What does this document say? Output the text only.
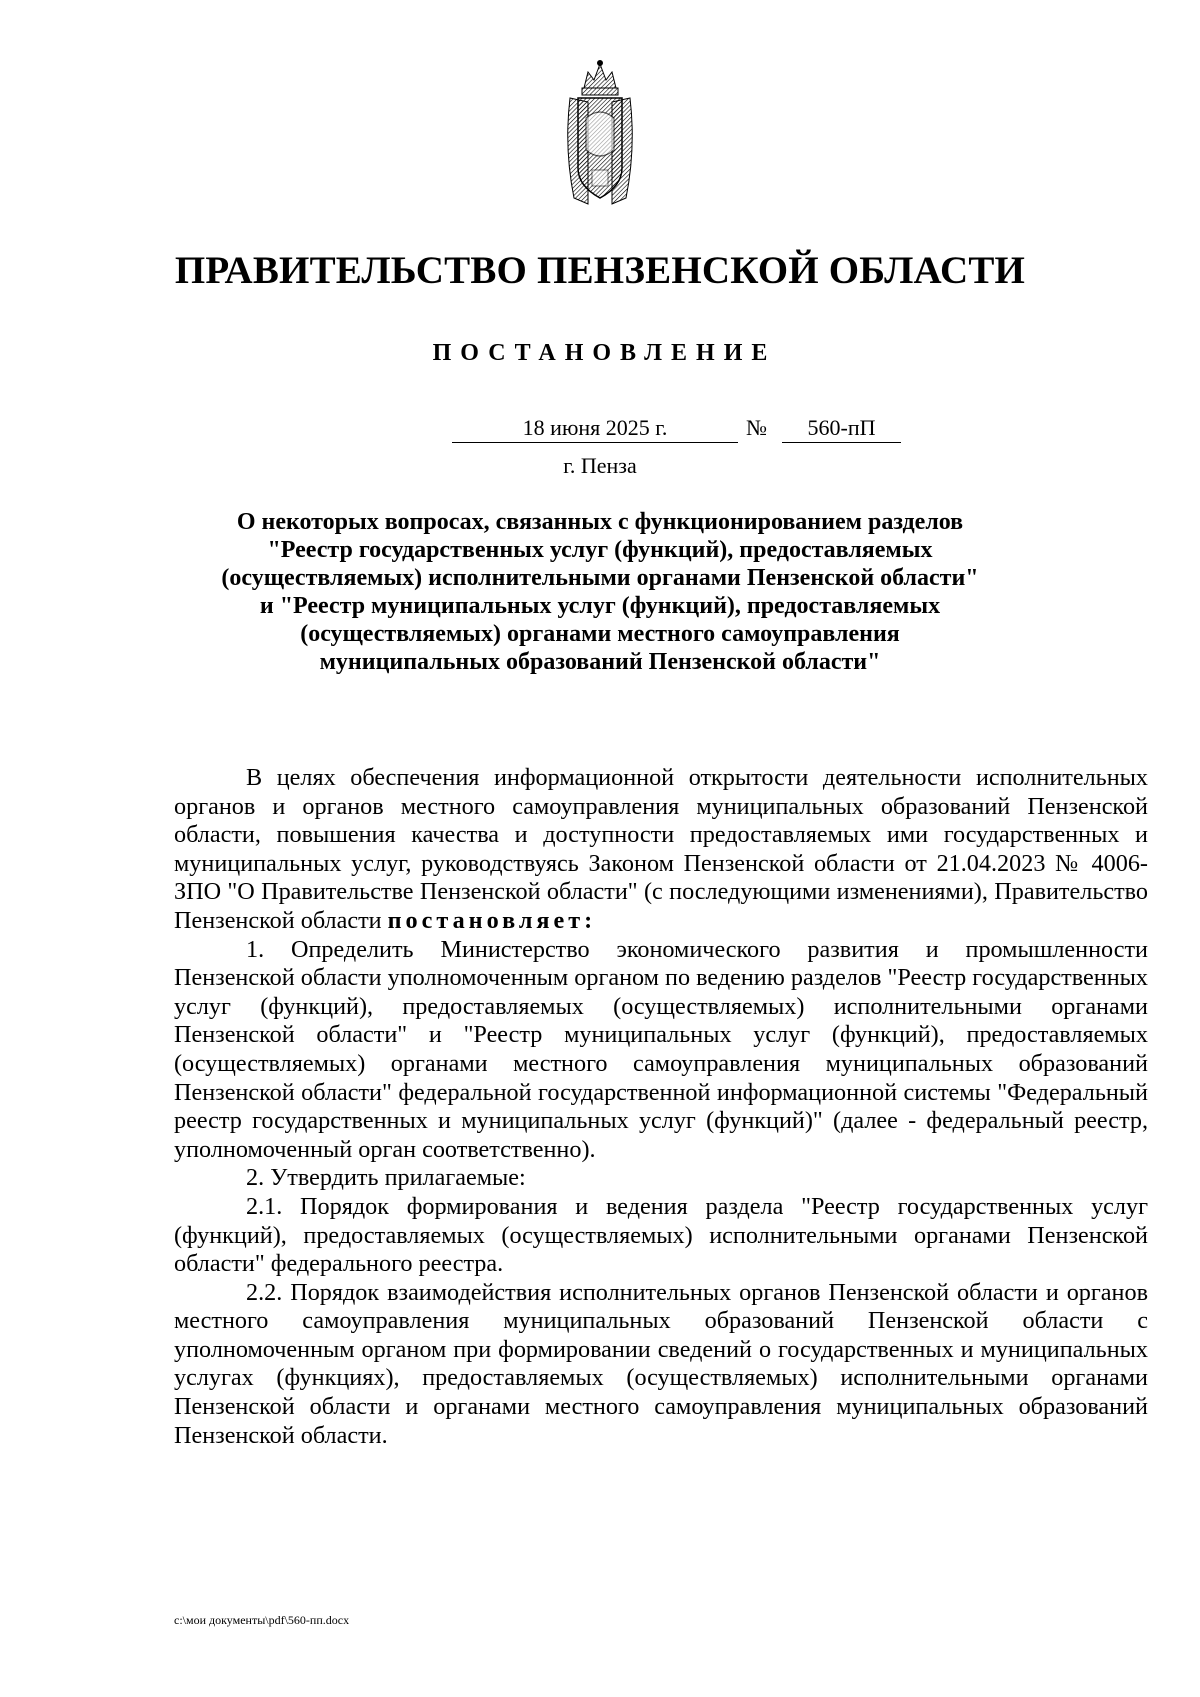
ПРАВИТЕЛЬСТВО ПЕНЗЕНСКОЙ ОБЛАСТИ
ПОСТАНОВЛЕНИЕ
18 июня 2025 г.	№	560-пП
г. Пенза
О некоторых вопросах, связанных с функционированием разделов
"Реестр государственных услуг (функций), предоставляемых
(осуществляемых) исполнительными органами Пензенской области"
и "Реестр муниципальных услуг (функций), предоставляемых
(осуществляемых) органами местного самоуправления
муниципальных образований Пензенской области"

В целях обеспечения информационной открытости деятельности исполнительных органов и органов местного самоуправления муниципальных образований Пензенской области, повышения качества и доступности предоставляемых ими государственных и муниципальных услуг, руководствуясь Законом Пензенской области от 21.04.2023 № 4006-ЗПО "О Правительстве Пензенской области" (с последующими изменениями), Правительство Пензенской области постановляет:

1. Определить Министерство экономического развития и промышленности Пензенской области уполномоченным органом по ведению разделов "Реестр государственных услуг (функций), предоставляемых (осуществляемых) исполнительными органами Пензенской области" и "Реестр муниципальных услуг (функций), предоставляемых (осуществляемых) органами местного самоуправления муниципальных образований Пензенской области" федеральной государственной информационной системы "Федеральный реестр государственных и муниципальных услуг (функций)" (далее - федеральный реестр, уполномоченный орган соответственно).

2. Утвердить прилагаемые:

2.1. Порядок формирования и ведения раздела "Реестр государственных услуг (функций), предоставляемых (осуществляемых) исполнительными органами Пензенской области" федерального реестра.

2.2. Порядок взаимодействия исполнительных органов Пензенской области и органов местного самоуправления муниципальных образований Пензенской области с уполномоченным органом при формировании сведений о государственных и муниципальных услугах (функциях), предоставляемых (осуществляемых) исполнительными органами Пензенской области и органами местного самоуправления муниципальных образований Пензенской области.

c:\мои документы\pdf\560-пп.docx
